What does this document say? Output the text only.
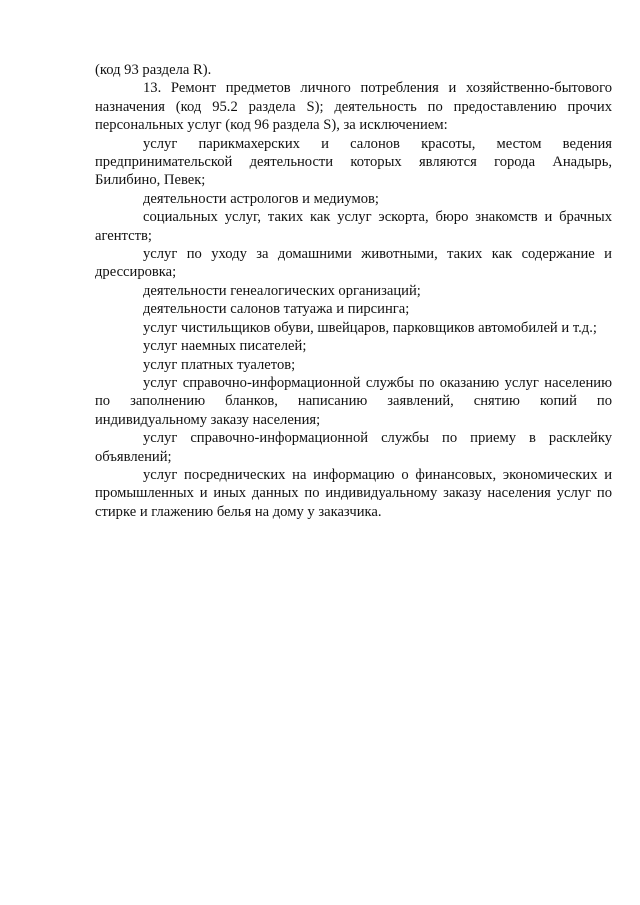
(код 93 раздела R).

13. Ремонт предметов личного потребления и хозяйственно-бытового назначения (код 95.2 раздела S); деятельность по предоставлению прочих персональных услуг (код 96 раздела S), за исключением:

услуг парикмахерских и салонов красоты, местом ведения предпринимательской деятельности которых являются города Анадырь, Билибино, Певек;

деятельности астрологов и медиумов;

социальных услуг, таких как услуг эскорта, бюро знакомств и брачных агентств;

услуг по уходу за домашними животными, таких как содержание и дрессировка;

деятельности генеалогических организаций;

деятельности салонов татуажа и пирсинга;

услуг чистильщиков обуви, швейцаров, парковщиков автомобилей и т.д.;

услуг наемных писателей;

услуг платных туалетов;

услуг справочно-информационной службы по оказанию услуг населению по заполнению бланков, написанию заявлений, снятию копий по индивидуальному заказу населения;

услуг справочно-информационной службы по приему в расклейку объявлений;

услуг посреднических на информацию о финансовых, экономических и промышленных и иных данных по индивидуальному заказу населения услуг по стирке и глажению белья на дому у заказчика.
